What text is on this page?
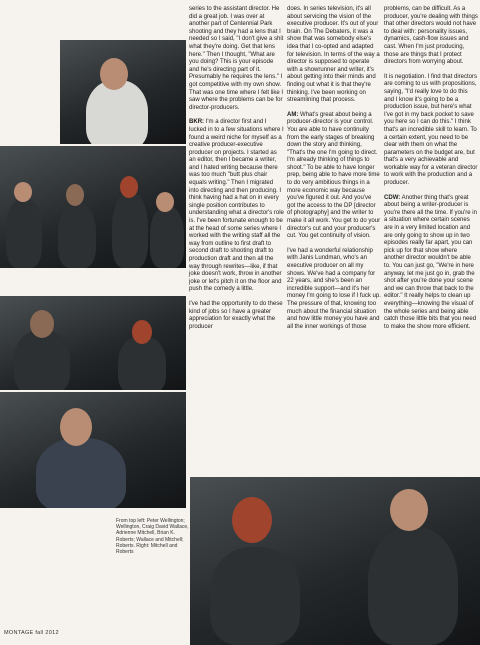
series to the assistant director. He did a great job. I was over at another part of Centennial Park shooting and they had a lens that I needed so I said, "I don't give a shit what they're doing. Get that lens here." Then I thought, "What are you doing? This is your episode and he's directing part of it. Presumably he requires the lens." I got competitive with my own show. That was one time where I felt like I saw where the problems can be for director-producers.

BKR: I'm a director first and I lucked in to a few situations where I found a weird niche for myself as a creative producer-executive producer on projects. I started as an editor, then I became a writer, and I hated writing because there was too much "butt plus chair equals writing." Then I migrated into directing and then producing. I think having had a hat on in every single position contributes to understanding what a director's role is. I've been fortunate enough to be at the head of some series where I worked with the writing staff all the way from outline to first draft to second draft to shooting draft to production draft and then all the way through rewrites—like, if that joke doesn't work, throw in another joke or let's pitch it on the floor and push the comedy a little.

I've had the opportunity to do these kind of jobs so I have a greater appreciation for exactly what the producer

does. In series television, it's all about servicing the vision of the executive producer. It's out of your brain. On The Debaters, it was a show that was somebody else's idea that I co-opted and adapted for television. In terms of the way a director is supposed to operate with a showrunner and writer, it's about getting into their minds and finding out what it is that they're thinking. I've been working on streamlining that process.

AM: What's great about being a producer-director is your control. You are able to have continuity from the early stages of breaking down the story and thinking, "That's the one I'm going to direct. I'm already thinking of things to shoot." To be able to have longer prep, being able to have more time to do very ambitious things in a more economic way because you've figured it out. And you've got the access to the DP [director of photography] and the writer to make it all work. You get to do your director's cut and your producer's cut. You get continuity of vision.

I've had a wonderful relationship with Janis Lundman, who's an executive producer on all my shows. We've had a company for 22 years, and she's been an incredible support—and it's her money I'm going to lose if I fuck up. The pressure of that, knowing too much about the financial situation and how little money you have and all the inner workings of those

problems, can be difficult. As a producer, you're dealing with things that other directors would not have to deal with: personality issues, dynamics, cash-flow issues and cast. When I'm just producing, those are things that I protect directors from worrying about.

It is negotiation. I find that directors are coming to us with propositions, saying, "I'd really love to do this and I know it's going to be a production issue, but here's what I've got in my back pocket to save you here so I can do this." I think that's an incredible skill to learn. To a certain extent, you need to be clear with them on what the parameters on the budget are, but that's a very achievable and workable way for a veteran director to work with the production and a producer.

CDW: Another thing that's great about being a writer-producer is you're there all the time. If you're in a situation where certain scenes are in a very limited location and are only going to show up in two episodes really far apart, you can pick up for that show where another director wouldn't be able to. You can just go, "We're in here anyway, let me just go in, grab the shot after you're done your scene and we can throw that back to the editor." It really helps to clean up everything—knowing the visual of the whole series and being able catch those little bits that you need to make the show more efficient.

From top left: Peter Wellington; Wellington, Craig David Wallace, Adrienne Mitchell, Brian K. Roberts; Wallace and Mitchell; Roberts. Right: Mitchell and Roberts
MONTAGE fall 2012
